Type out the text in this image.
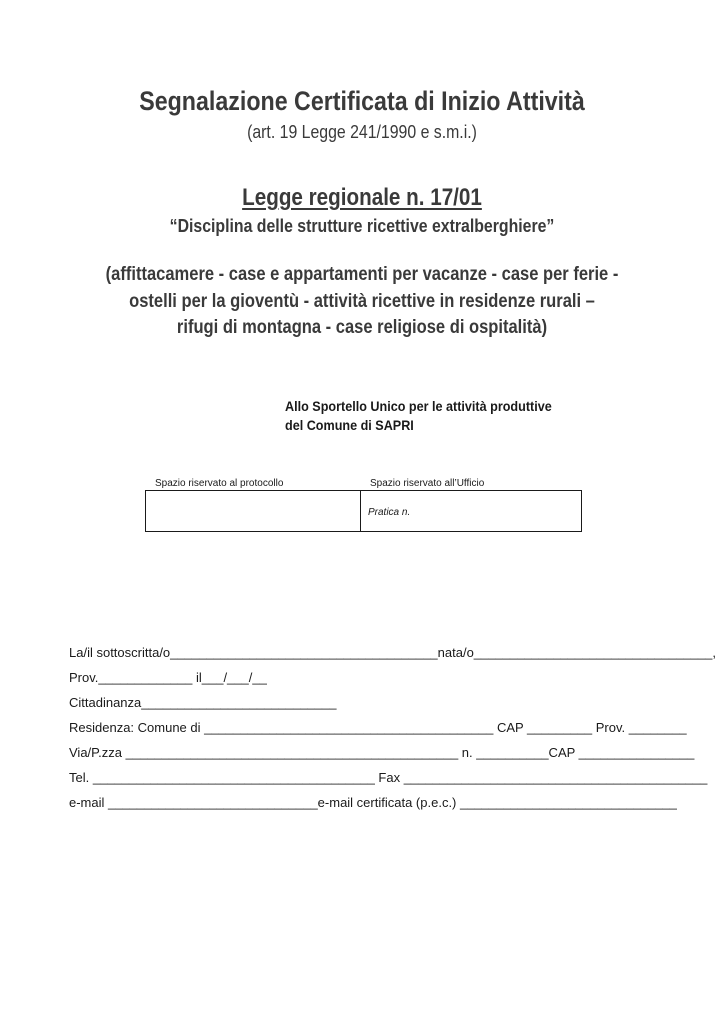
Segnalazione Certificata di Inizio Attività
(art. 19 Legge 241/1990 e s.m.i.)
Legge regionale n. 17/01
“Disciplina delle strutture ricettive extralberghiere”
(affittacamere - case e appartamenti per vacanze - case per ferie -
ostelli per la gioventù - attività ricettive in residenze rurali –
rifugi di montagna - case religiose di ospitalità)
Allo Sportello Unico per le attività produttive
del Comune di SAPRI
Spazio riservato al protocollo	Spazio riservato all’Ufficio
Pratica n.
La/il sottoscritta/o_____________________________________nata/o_________________________________,
Prov._____________ il___/___/__
Cittadinanza___________________________
Residenza: Comune di ________________________________________ CAP _________ Prov. ________
Via/P.zza ______________________________________________ n. __________CAP ________________
Tel. _______________________________________ Fax __________________________________________
e-mail _____________________________e-mail certificata (p.e.c.) ______________________________
